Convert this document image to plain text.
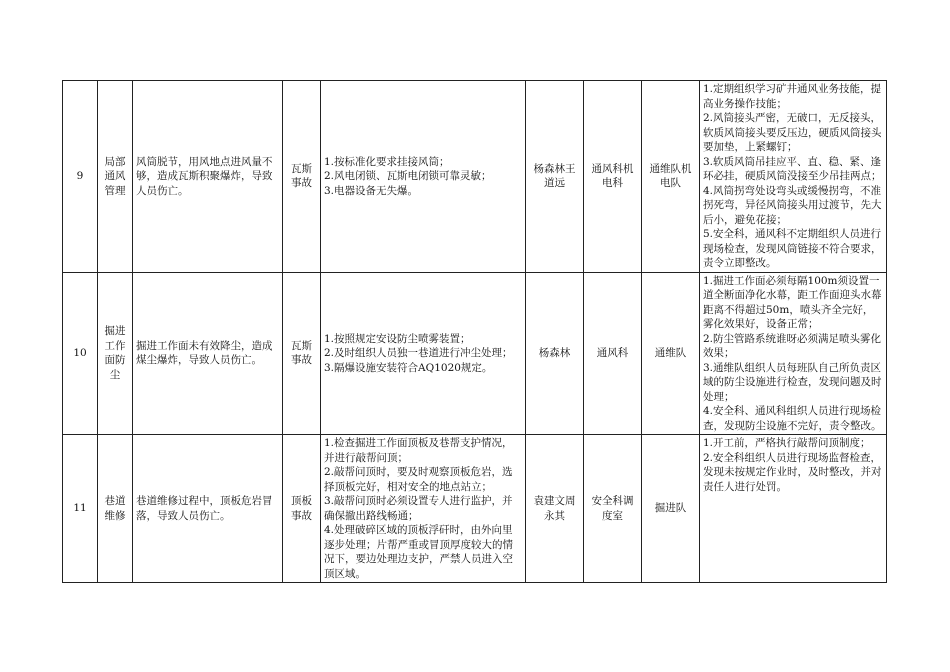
9	局部通风管理	风筒脱节，用风地点进风量不够，造成瓦斯积聚爆炸，导致人员伤亡。	瓦斯事故	1.按标准化要求挂接风筒；
2.风电闭锁、瓦斯电闭锁可靠灵敏；
3.电器设备无失爆。	杨森林王道远	通风科机电科	通维队机电队	1.定期组织学习矿井通风业务技能，提高业务操作技能；
2.风筒接头严密，无破口，无反接头，软质风筒接头要反压边，硬质风筒接头要加垫，上紧螺钉；
3.软质风筒吊挂应平、直、稳、紧、逢环必挂，硬质风筒没接至少吊挂两点；
4.风筒拐弯处设弯头或缓慢拐弯，不准拐死弯，异径风筒接头用过渡节，先大后小，避免花接；
5.安全科，通风科不定期组织人员进行现场检查，发现风筒链接不符合要求，责令立即整改。

10	掘进工作面防尘	掘进工作面未有效降尘，造成煤尘爆炸，导致人员伤亡。	瓦斯事故	1.按照规定安设防尘喷雾装置；
2.及时组织人员独一巷道进行冲尘处理；
3.隔爆设施安装符合AQ1020规定。	杨森林	通风科	通维队	1.掘进工作面必须每隔100m须设置一道全断面净化水幕，距工作面迎头水幕距离不得超过50m，喷头齐全完好，雾化效果好，设备正常；
2.防尘管路系统谁呀必须满足喷头雾化效果；
3.通维队组织人员每班队自己所负责区域的防尘设施进行检查，发现问题及时处理；
4.安全科、通风科组织人员进行现场检查，发现防尘设施不完好，责令整改。

11	巷道维修	巷道维修过程中，顶板危岩冒落，导致人员伤亡。	顶板事故	1.检查掘进工作面顶板及巷帮支护情况，并进行敲帮问顶；
2.敲帮问顶时，要及时观察顶板危岩，选择顶板完好，相对安全的地点站立；
3.敲帮问顶时必须设置专人进行监护，并确保撤出路线畅通；
4.处理破碎区域的顶板浮矸时，由外向里逐步处理；片帮严重或冒顶厚度较大的情况下，要边处理边支护，严禁人员进入空顶区域。	袁建文周永其	安全科调度室	掘进队	1.开工前，严格执行敲帮问顶制度；
2.安全科组织人员进行现场监督检查，发现未按规定作业时，及时整改，并对责任人进行处罚。
